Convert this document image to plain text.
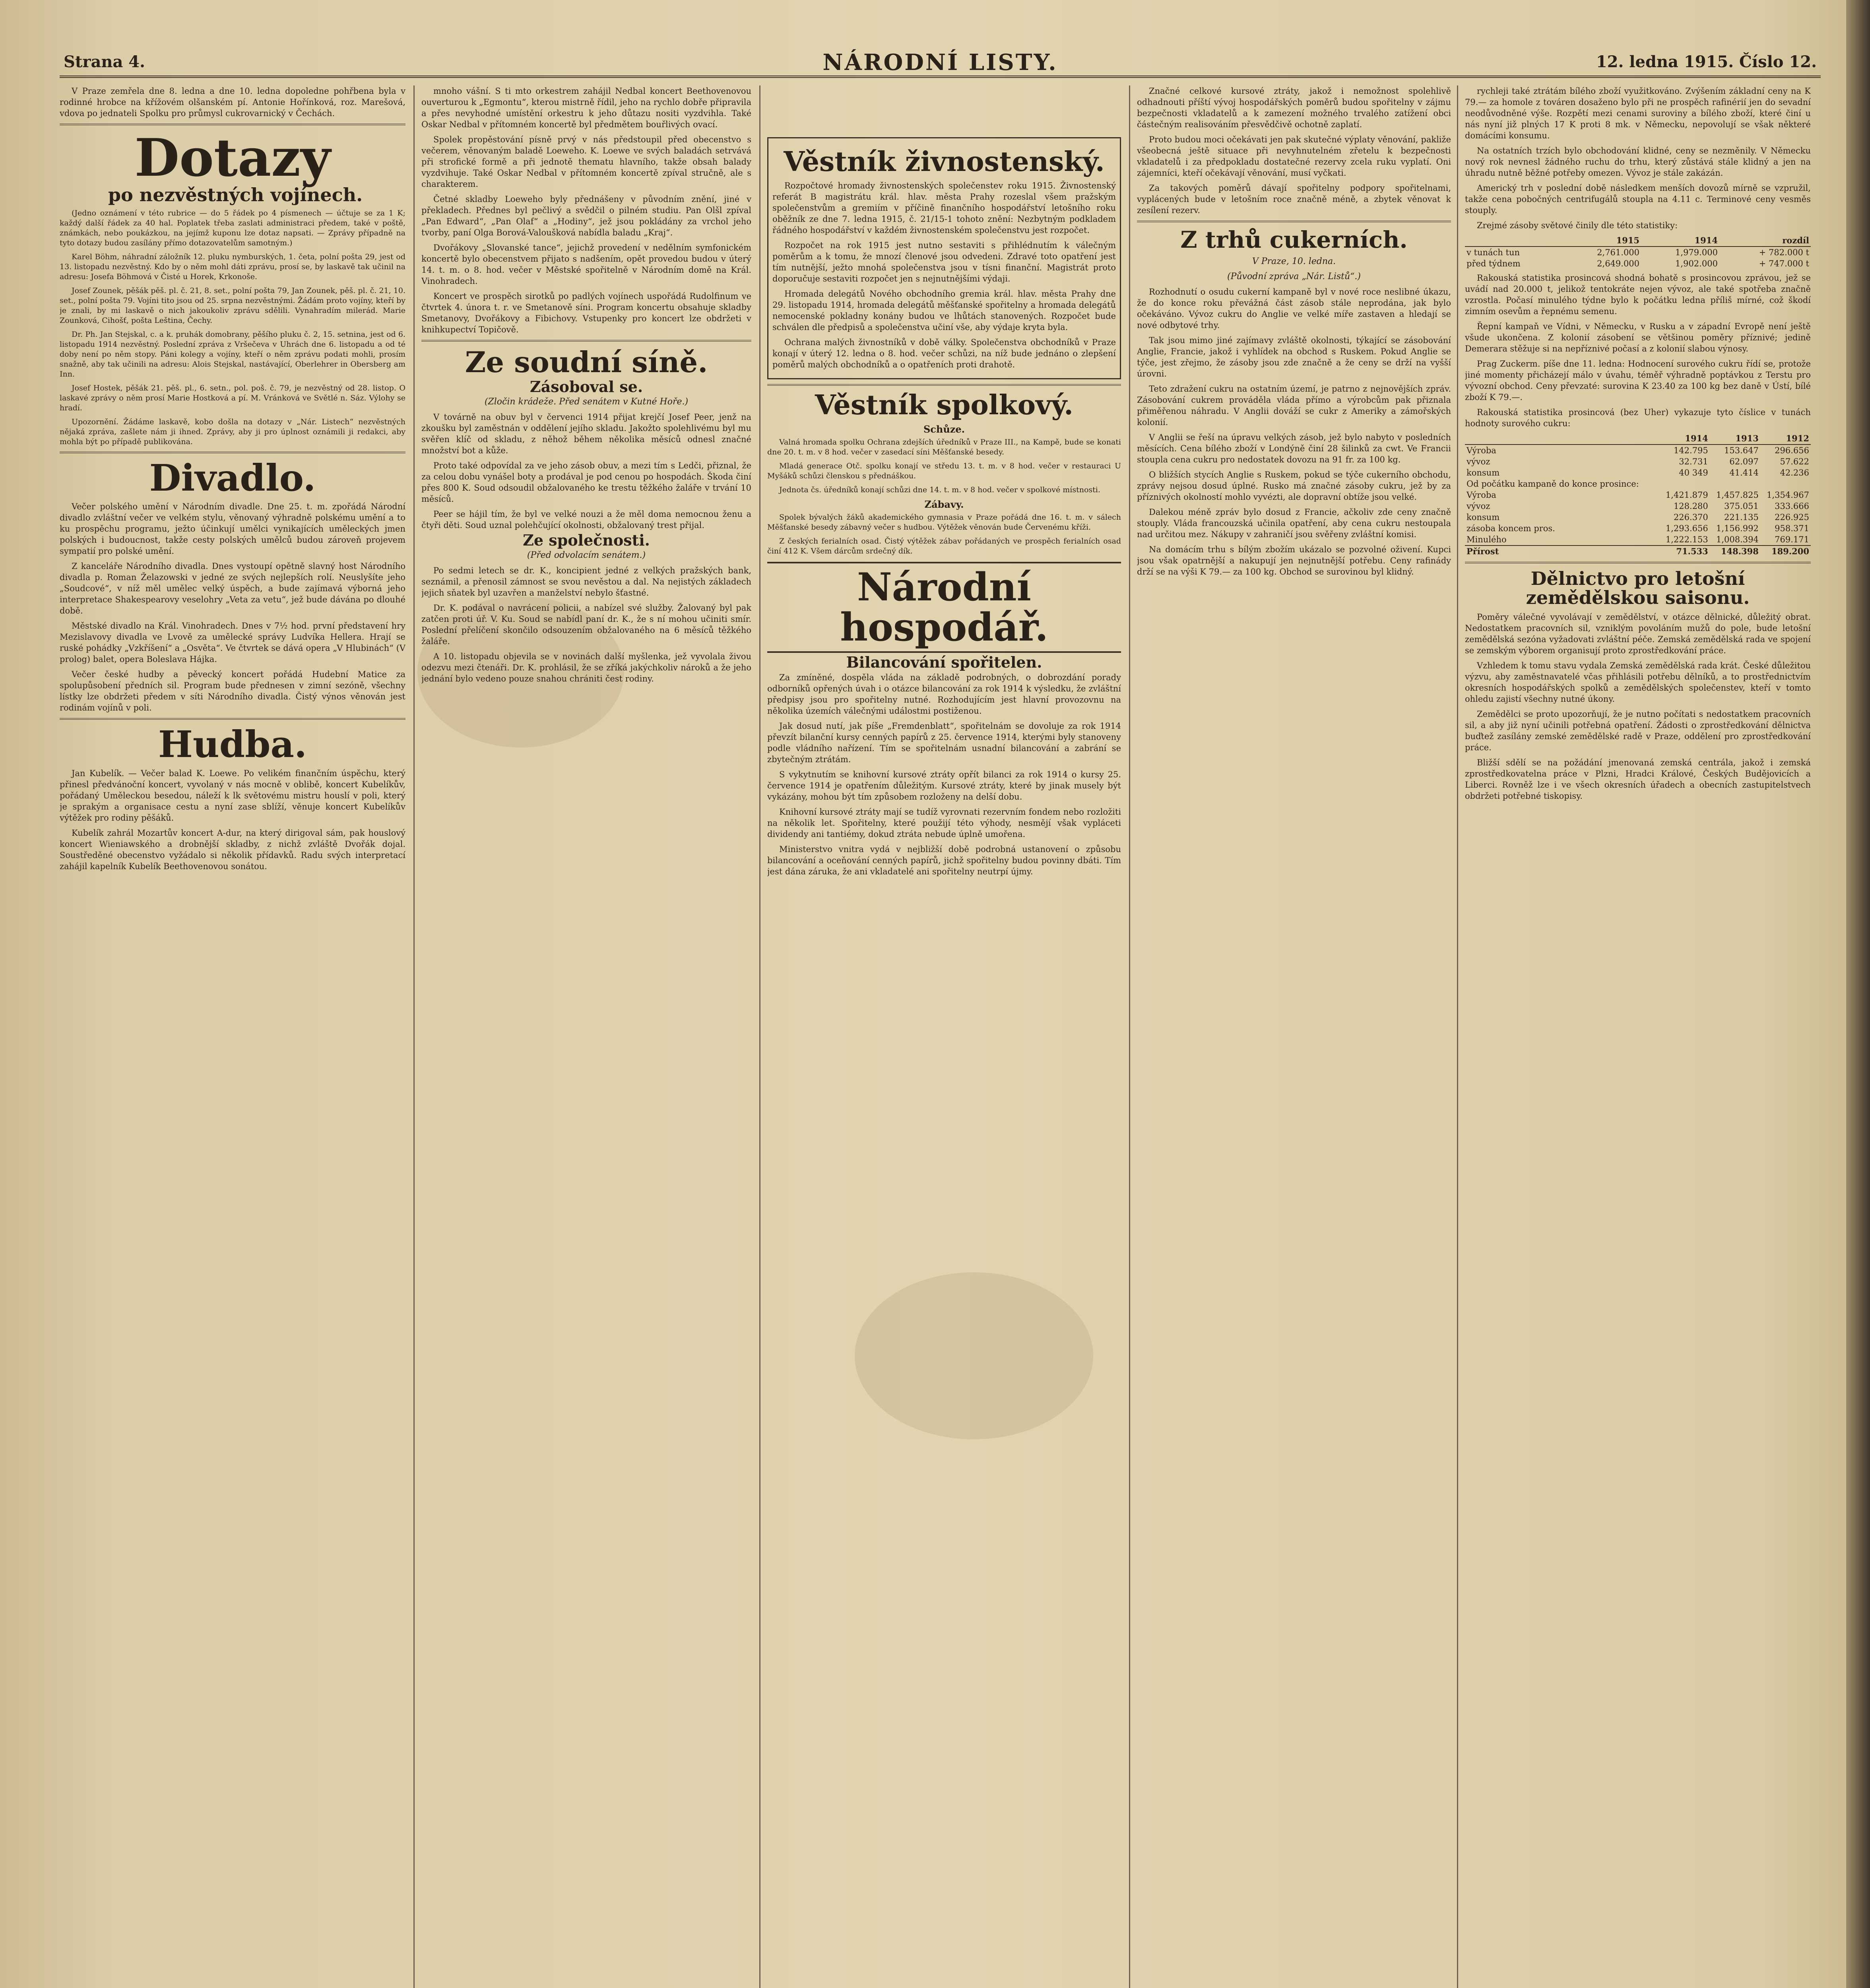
Strana 4.	NÁRODNÍ LISTY.	12. ledna 1915. Číslo 12.

V Praze zemřela dne 8. ledna a dne 10. ledna dopoledne pohřbena byla v rodinné hrobce na křížovém olšanském pí. Antonie Hořínková, roz. Marešová, vdova po jednateli Spolku pro průmysl cukrovarnický v Čechách.

Dotazy po nezvěstných vojínech.

(Jedno oznámení v této rubrice — do 5 řádek po 4 písmenech — účtuje se za 1 K; každý další řádek za 40 hal. Poplatek třeba zaslati administraci předem, také v poště, známkách, nebo poukázkou, na jejímž kuponu lze dotaz napsati. — Zprávy případně na tyto dotazy budou zasílány přímo dotazovatelům samotným.)

Karel Böhm, náhradní záložník 12. pluku nymburských, 1. četa, polní pošta 29, jest od 13. listopadu nezvěstný. Kdo by o něm mohl dáti zprávu, prosí se, by laskavě tak učinil na adresu: Josefa Böhmová v Čisté u Horek, Krkonoše.

Josef Zounek, pěšák pěš. pl. č. 21, 8. set., polní pošta 79, Jan Zounek, pěš. pl. č. 21, 10. set., polní pošta 79. Vojíni tito jsou od 25. srpna nezvěstnými. Žádám proto vojíny, kteří by je znali, by mi laskavě o nich jakoukoliv zprávu sdělili. Vynahradím milerád. Marie Zounková, Cihošť, pošta Leština, Čechy.

Dr. Ph. Jan Stejskal, c. a k. pruhák domobrany, pěšího pluku č. 2, 15. setnina, jest od 6. listopadu 1914 nezvěstný. Poslední zpráva z Vršečeva v Uhrách dne 6. listopadu a od té doby není po něm stopy. Páni kolegy a vojíny, kteří o něm zprávu podati mohli, prosím snažně, aby tak učinili na adresu: Alois Stejskal, nastávající, Oberlehrer in Obersberg am Inn.

Josef Hostek, pěšák 21. pěš. pl., 6. setn., pol. poš. č. 79, je nezvěstný od 28. listop. O laskavé zprávy o něm prosí Marie Hostková a pí. M. Vránková ve Světlé n. Sáz. Výlohy se hradí.

Upozornění. Žádáme laskavě, kobo došla na dotazy v „Nár. Listech“ nezvěstných nějaká zpráva, zašlete nám ji ihned. Zprávy, aby ji pro úplnost oznámili ji redakci, aby mohla být po případě publikována.

Divadlo.

Večer polského umění v Národním divadle. Dne 25. t. m. zpořádá Národní divadlo zvláštní večer ve velkém stylu, věnovaný výhradně polskému umění a to ku prospěchu programu, ježto účinkují umělci vynikajících uměleckých jmen polských i budoucnost, takže cesty polských umělců budou zároveň projevem sympatií pro polské umění.

Z kanceláře Národního divadla. Dnes vystoupí opětně slavný host Národního divadla p. Roman Želazowski v jedné ze svých nejlepších rolí. Neuslyšíte jeho „Soudcové“, v níž měl umělec velký úspěch, a bude zajímavá výborná jeho interpretace Shakespearovy veselohry „Veta za vetu“, jež bude dávána po dlouhé době.

Městské divadlo na Král. Vinohradech. Dnes v 7½ hod. první představení hry Mezislavovy divadla ve Lvově za umělecké správy Ludvíka Hellera. Hrají se ruské pohádky „Vzkříšení“ a „Osvěta“. Ve čtvrtek se dává opera „V Hlubinách“ (V prolog) balet, opera Boleslava Hájka.

Večer české hudby a pěvecký koncert pořádá Hudební Matice za spolupůsobení předních sil. Program bude přednesen v zimní sezóně, všechny lístky lze obdržeti předem v síti Národního divadla. Čistý výnos věnován jest rodinám vojínů v poli.

Hudba.

Jan Kubelík. — Večer balad K. Loewe. Po velikém finančním úspěchu, který přinesl předvánoční koncert, vyvolaný v nás mocně v oblibě, koncert Kubelíkův, pořádaný Uměleckou besedou, náleží k lk světovému mistru houslí v poli, který je sprakým a organisace cestu a nyní zase sblíží, věnuje koncert Kubelíkův výtěžek pro rodiny pěšáků.

Kubelík zahrál Mozartův koncert A-dur, na který dirigoval sám, pak houslový koncert Wieniawského a drobnější skladby, z nichž zvláště Dvořák dojal. Soustředěné obecenstvo vyžádalo si několik přídavků. Radu svých interpretací zahájil kapelník Kubelík Beethovenovou sonátou.

mnoho vášní. S ti mto orkestrem zahájil Nedbal koncert Beethovenovou ouverturou k „Egmontu“, kterou mistrně řídil, jeho na rychlo dobře připravila a přes nevyhodné umístění orkestru k jeho důtazu nositi vyzdvihla. Také Oskar Nedbal v přítomném koncertě byl předmětem bouřlivých ovací.

Spolek propěstování písně prvý v nás předstoupil před obecenstvo s večerem, věnovaným baladě Loeweho. K. Loewe ve svých baladách setrvává při strofické formě a při jednotě thematu hlavního, takže obsah balady vyzdvihuje. Také Oskar Nedbal v přítomném koncertě zpíval stručně, ale s charakterem.

Četné skladby Loeweho byly přednášeny v původním znění, jiné v překladech. Přednes byl pečlivý a svědčil o pilném studiu. Pan Olšl zpíval „Pan Edward“, „Pan Olaf“ a „Hodiny“, jež jsou pokládány za vrchol jeho tvorby, paní Olga Borová-Valoušková nabídla baladu „Kraj“.

Dvořákovy „Slovanské tance“, jejichž provedení v nedělním symfonickém koncertě bylo obecenstvem přijato s nadšením, opět provedou budou v úterý 14. t. m. o 8. hod. večer v Městské spořitelně v Národním domě na Král. Vinohradech.

Koncert ve prospěch sirotků po padlých vojínech uspořádá Rudolfinum ve čtvrtek 4. února t. r. ve Smetanově síni. Program koncertu obsahuje skladby Smetanovy, Dvořákovy a Fibichovy. Vstupenky pro koncert lze obdržeti v knihkupectví Topičově.

Ze soudní síně.
Zásoboval se.
(Zločin krádeže. Před senátem v Kutné Hoře.)

V továrně na obuv byl v červenci 1914 přijat krejčí Josef Peer, jenž na zkoušku byl zaměstnán v oddělení jejího skladu. Jakožto spolehlivému byl mu svěřen klíč od skladu, z něhož během několika měsíců odnesl značné množství bot a kůže.

Proto také odpovídal za ve jeho zásob obuv, a mezi tím s Ledči, přiznal, že za celou dobu vynášel boty a prodával je pod cenou po hospodách. Škoda činí přes 800 K. Soud odsoudil obžalovaného ke trestu těžkého žaláře v trvání 10 měsíců.

Peer se hájil tím, že byl ve velké nouzi a že měl doma nemocnou ženu a čtyři děti. Soud uznal polehčující okolnosti, obžalovaný trest přijal.

Ze společnosti.
(Před odvolacím senátem.)

Po sedmi letech se dr. K., koncipient jedné z velkých pražských bank, seznámil, a přenosil zámnost se svou nevěstou a dal. Na nejistých základech jejich sňatek byl uzavřen a manželství nebylo šťastné.

Dr. K. podával o navrácení policii, a nabízel své služby. Žalovaný byl pak zatčen proti úř. V. Ku. Soud se nabídl paní dr. K., že s ní mohou učiniti smír. Poslední přelíčení skončilo odsouzením obžalovaného na 6 měsíců těžkého žaláře.

A 10. listopadu objevila se v novinách další myšlenka, jež vyvolala živou odezvu mezi čtenáři. Dr. K. prohlásil, že se zříká jakýchkoliv nároků a že jeho jednání bylo vedeno pouze snahou chrániti čest rodiny.

Věstník živnostenský.

Rozpočtové hromady živnostenských společenstev roku 1915. Živnostenský referát B magistrátu král. hlav. města Prahy rozeslal všem pražským společenstvům a gremiím v příčině finančního hospodářství letošního roku oběžník ze dne 7. ledna 1915, č. 21/15-1 tohoto znění: Nezbytným podkladem řádného hospodářství v každém živnostenském společenstvu jest rozpočet.

Rozpočet na rok 1915 jest nutno sestaviti s přihlédnutím k válečným poměrům a k tomu, že mnozí členové jsou odvedeni. Zdravé toto opatření jest tím nutnější, ježto mnohá společenstva jsou v tísni finanční. Magistrát proto doporučuje sestaviti rozpočet jen s nejnutnějšími výdaji.

Hromada delegátů Nového obchodního gremia král. hlav. města Prahy dne 29. listopadu 1914, hromada delegátů měšťanské spořitelny a hromada delegátů nemocenské pokladny konány budou ve lhůtách stanovených. Rozpočet bude schválen dle předpisů a společenstva učiní vše, aby výdaje kryta byla.

Ochrana malých živnostníků v době války. Společenstva obchodníků v Praze konají v úterý 12. ledna o 8. hod. večer schůzi, na níž bude jednáno o zlepšení poměrů malých obchodníků a o opatřeních proti drahotě.

Věstník spolkový.
Schůze.

Valná hromada spolku Ochrana zdejších úředníků v Praze III., na Kampě, bude se konati dne 20. t. m. v 8 hod. večer v zasedací síni Měšťanské besedy.

Mladá generace Otč. spolku konají ve středu 13. t. m. v 8 hod. večer v restauraci U Myšáků schůzi členskou s přednáškou.

Jednota čs. úředníků konají schůzi dne 14. t. m. v 8 hod. večer v spolkové místnosti.

Zábavy.

Spolek bývalých žáků akademického gymnasia v Praze pořádá dne 16. t. m. v sálech Měšťanské besedy zábavný večer s hudbou. Výtěžek věnován bude Červenému kříži.

Z českých ferialních osad. Čistý výtěžek zábav pořádaných ve prospěch ferialních osad činí 412 K. Všem dárcům srdečný dík.

Národní hospodář.
Bilancování spořitelen.

Za zmíněné, dospěla vláda na základě podrobných, o dobrozdání porady odborníků opřených úvah i o otázce bilancování za rok 1914 k výsledku, že zvláštní předpisy jsou pro spořitelny nutné. Rozhodujícím jest hlavní provozovnu na několika územích válečnými událostmi postiženou.

Jak dosud nutí, jak píše „Fremdenblatt“, spořitelnám se dovoluje za rok 1914 převzít bilanční kursy cenných papírů z 25. července 1914, kterými byly stanoveny podle vládního nařízení. Tím se spořitelnám usnadní bilancování a zabrání se zbytečným ztrátám.

S vykytnutím se knihovní kursové ztráty opřít bilanci za rok 1914 o kursy 25. července 1914 je opatřením důležitým. Kursové ztráty, které by jinak musely být vykázány, mohou být tím způsobem rozloženy na delší dobu.

Knihovní kursové ztráty mají se tudíž vyrovnati rezervním fondem nebo rozložiti na několik let. Spořitelny, které použijí této výhody, nesmějí však vypláceti dividendy ani tantiémy, dokud ztráta nebude úplně umořena.

Ministerstvo vnitra vydá v nejbližší době podrobná ustanovení o způsobu bilancování a oceňování cenných papírů, jichž spořitelny budou povinny dbáti. Tím jest dána záruka, že ani vkladatelé ani spořitelny neutrpí újmy.

Značné celkové kursové ztráty, jakož i nemožnost spolehlivě odhadnouti příští vývoj hospodářských poměrů budou spořitelny v zájmu bezpečnosti vkladatelů a k zamezení možného trvalého zatížení obci částečným realisováním přesvědčivě ochotně zaplatí.

Proto budou moci očekávati jen pak skutečné výplaty věnování, pakliže všeobecná ještě situace při nevyhnutelném zřetelu k bezpečnosti vkladatelů i za předpokladu dostatečné rezervy zcela ruku vyplatí. Oni zájemníci, kteří očekávají věnování, musí vyčkati.

Za takových poměrů dávají spořitelny podpory spořitelnami, vyplácených bude v letošním roce značně méně, a zbytek věnovat k zesílení rezerv.

Z trhů cukerních.
V Praze, 10. ledna.
(Původní zpráva „Nár. Listů“.)

Rozhodnutí o osudu cukerní kampaně byl v nové roce neslibné úkazu, že do konce roku převážná část zásob stále neprodána, jak bylo očekáváno. Vývoz cukru do Anglie ve velké míře zastaven a hledají se nové odbytové trhy.

Tak jsou mimo jiné zajímavy zvláště okolnosti, týkající se zásobování Anglie, Francie, jakož i vyhlídek na obchod s Ruskem. Pokud Anglie se týče, jest zřejmo, že zásoby jsou zde značně a že ceny se drží na vyšší úrovni.

Teto zdražení cukru na ostatním území, je patrno z nejnovějších zpráv. Zásobování cukrem prováděla vláda přímo a výrobcům pak přiznala přiměřenou náhradu. V Anglii dováží se cukr z Ameriky a zámořských kolonií.

V Anglii se řeší na úpravu velkých zásob, jež bylo nabyto v posledních měsících. Cena bílého zboží v Londýně činí 28 šilinků za cwt. Ve Francii stoupla cena cukru pro nedostatek dovozu na 91 fr. za 100 kg.

O bližších stycích Anglie s Ruskem, pokud se týče cukerního obchodu, zprávy nejsou dosud úplné. Rusko má značné zásoby cukru, jež by za příznivých okolností mohlo vyvézti, ale dopravní obtíže jsou velké.

Dalekou méně zpráv bylo dosud z Francie, ačkoliv zde ceny značně stouply. Vláda francouzská učinila opatření, aby cena cukru nestoupala nad určitou mez. Nákupy v zahraničí jsou svěřeny zvláštní komisi.

Na domácím trhu s bílým zbožím ukázalo se pozvolné oživení. Kupci jsou však opatrnější a nakupují jen nejnutnější potřebu. Ceny rafinády drží se na výši K 79.— za 100 kg. Obchod se surovinou byl klidný.

rychleji také ztrátám bílého zboží využitkováno. Zvýšením základní ceny na K 79.— za homole z továren dosaženo bylo při ne prospěch rafinérií jen do sevadní neodůvodněné výše. Rozpětí mezi cenami suroviny a bílého zboží, které činí u nás nyní již plných 17 K proti 8 mk. v Německu, nepovolují se však některé domácími konsumu.

Na ostatních trzích bylo obchodování klidné, ceny se nezměnily. V Německu nový rok nevnesl žádného ruchu do trhu, který zůstává stále klidný a jen na úhradu nutně běžné potřeby omezen. Vývoz je stále zakázán.

Americký trh v poslední době následkem menších dovozů mírně se vzpružil, takže cena pobočných centrifugálů stoupla na 4.11 c. Terminové ceny vesměs stouply.

Zrejmé zásoby světové činily dle této statistiky:

	1915	1914	rozdíl
v tunách tun	2,761.000	1,979.000	+ 782.000 t
před týdnem	2,649.000	1,902.000	+ 747.000 t

Rakouská statistika prosincová shodná bohatě s prosincovou zprávou, jež se uvádí nad 20.000 t, jelikož tentokráte nejen vývoz, ale také spotřeba značně vzrostla. Počasí minulého týdne bylo k počátku ledna příliš mírné, což škodí zimním osevům a řepnému semenu.

Řepní kampaň ve Vídni, v Německu, v Rusku a v západní Evropě není ještě všude ukončena. Z kolonií zásobení se většinou poměry příznivé; jedině Demerara stěžuje si na nepříznivé počasí a z kolonií slabou výnosy.

Prag Zuckerm. píše dne 11. ledna: Hodnocení surového cukru řídí se, protože jiné momenty přicházejí málo v úvahu, téměř výhradně poptávkou z Terstu pro vývozní obchod. Ceny převzaté: surovina K 23.40 za 100 kg bez daně v Ústí, bílé zboží K 79.—.

Rakouská statistika prosincová (bez Uher) vykazuje tyto číslice v tunách hodnoty surového cukru:

	1914	1913	1912
Výroba	142.795	153.647	296.656
vývoz	32.731	62.097	57.622
konsum	40 349	41.414	42.236
Od počátku kampaně do konce prosince:			
Výroba	1,421.879	1,457.825	1,354.967
vývoz	128.280	375.051	333.666
konsum	226.370	221.135	226.925
zásoba koncem pros.	1,293.656	1,156.992	958.371
Minulého	1,222.153	1,008.394	769.171
Přírost	71.533	148.398	189.200
Dělnictvo pro letošní zemědělskou saisonu.

Poměry válečné vyvolávají v zemědělství, v otázce dělnické, důležitý obrat. Nedostatkem pracovních sil, vzniklým povoláním mužů do pole, bude letošní zemědělská sezóna vyžadovati zvláštní péče. Zemská zemědělská rada ve spojení se zemským výborem organisují proto zprostředkování práce.

Vzhledem k tomu stavu vydala Zemská zemědělská rada krát. České důležitou výzvu, aby zaměstnavatelé včas přihlásili potřebu dělníků, a to prostřednictvím okresních hospodářských spolků a zemědělských společenstev, kteří v tomto ohledu zajistí všechny nutné úkony.

Zemědělci se proto upozorňují, že je nutno počítati s nedostatkem pracovních sil, a aby již nyní učinili potřebná opatření. Žádosti o zprostředkování dělnictva buďtež zasílány zemské zemědělské radě v Praze, oddělení pro zprostředkování práce.

Bližší sdělí se na požádání jmenovaná zemská centrála, jakož i zemská zprostředkovatelna práce v Plzni, Hradci Králové, Českých Budějovicích a Liberci. Rovněž lze i ve všech okresních úřadech a obecních zastupitelstvech obdržeti potřebné tiskopisy.
